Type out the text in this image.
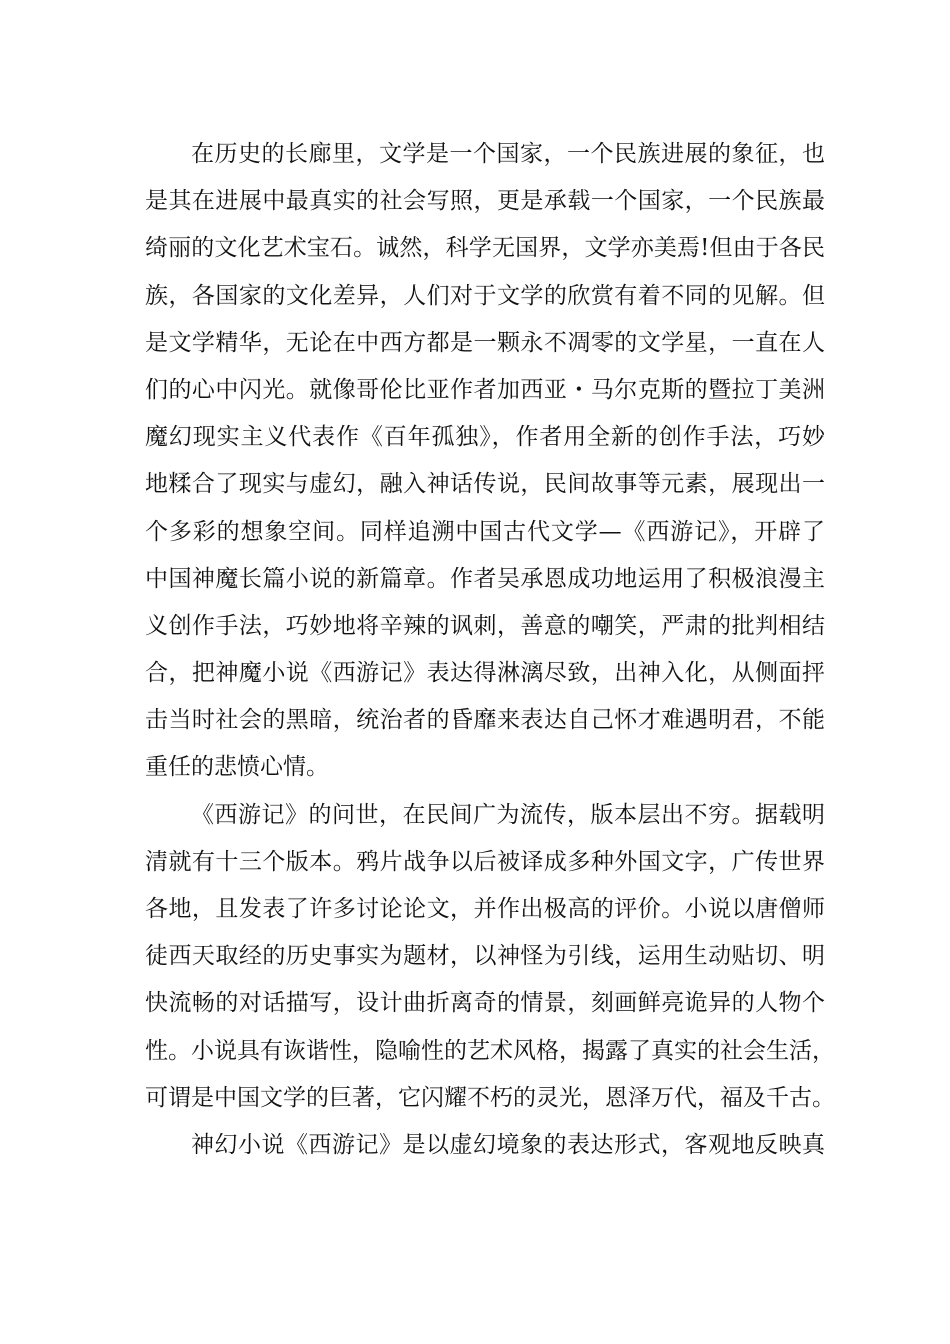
在历史的长廊里，文学是一个国家，一个民族进展的象征，也
是其在进展中最真实的社会写照，更是承载一个国家，一个民族最
绮丽的文化艺术宝石。诚然，科学无国界，文学亦美焉!但由于各民
族，各国家的文化差异，人们对于文学的欣赏有着不同的见解。但
是文学精华，无论在中西方都是一颗永不凋零的文学星，一直在人
们的心中闪光。就像哥伦比亚作者加西亚・马尔克斯的暨拉丁美洲
魔幻现实主义代表作《百年孤独》，作者用全新的创作手法，巧妙
地糅合了现实与虚幻，融入神话传说，民间故事等元素，展现出一
个多彩的想象空间。同样追溯中国古代文学—《西游记》，开辟了
中国神魔长篇小说的新篇章。作者吴承恩成功地运用了积极浪漫主
义创作手法，巧妙地将辛辣的讽刺，善意的嘲笑，严肃的批判相结
合，把神魔小说《西游记》表达得淋漓尽致，出神入化，从侧面抨
击当时社会的黑暗，统治者的昏靡来表达自己怀才难遇明君，不能
重任的悲愤心情。
《西游记》的问世，在民间广为流传，版本层出不穷。据载明
清就有十三个版本。鸦片战争以后被译成多种外国文字，广传世界
各地，且发表了许多讨论论文，并作出极高的评价。小说以唐僧师
徒西天取经的历史事实为题材，以神怪为引线，运用生动贴切、明
快流畅的对话描写，设计曲折离奇的情景，刻画鲜亮诡异的人物个
性。小说具有诙谐性，隐喻性的艺术风格，揭露了真实的社会生活，
可谓是中国文学的巨著，它闪耀不朽的灵光，恩泽万代，福及千古。
神幻小说《西游记》是以虚幻境象的表达形式，客观地反映真
